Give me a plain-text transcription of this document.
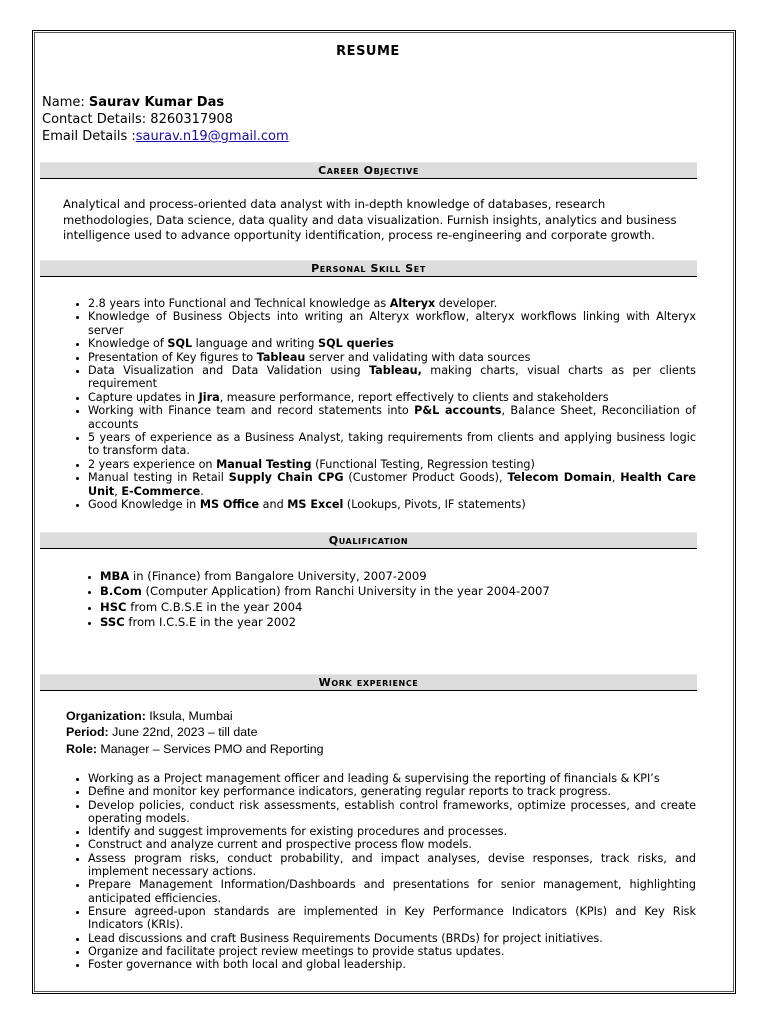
RESUME
Name: Saurav Kumar Das
Contact Details: 8260317908
Email Details :saurav.n19@gmail.com
Career Objective
Analytical and process-oriented data analyst with in-depth knowledge of databases, research methodologies, Data science, data quality and data visualization. Furnish insights, analytics and business intelligence used to advance opportunity identification, process re-engineering and corporate growth.
Personal Skill Set
• 2.8 years into Functional and Technical knowledge as Alteryx developer.
• Knowledge of Business Objects into writing an Alteryx workflow, alteryx workflows linking with Alteryx server
• Knowledge of SQL language and writing SQL queries
• Presentation of Key figures to Tableau server and validating with data sources
• Data Visualization and Data Validation using Tableau, making charts, visual charts as per clients requirement
• Capture updates in Jira, measure performance, report effectively to clients and stakeholders
• Working with Finance team and record statements into P&L accounts, Balance Sheet, Reconciliation of accounts
• 5 years of experience as a Business Analyst, taking requirements from clients and applying business logic to transform data.
• 2 years experience on Manual Testing (Functional Testing, Regression testing)
• Manual testing in Retail Supply Chain CPG (Customer Product Goods), Telecom Domain, Health Care Unit, E-Commerce.
• Good Knowledge in MS Office and MS Excel (Lookups, Pivots, IF statements)
Qualification
• MBA in (Finance) from Bangalore University, 2007-2009
• B.Com (Computer Application) from Ranchi University in the year 2004-2007
• HSC from C.B.S.E in the year 2004
• SSC from I.C.S.E in the year 2002
Work experience
Organization: Iksula, Mumbai
Period: June 22nd, 2023 – till date
Role: Manager – Services PMO and Reporting
• Working as a Project management officer and leading & supervising the reporting of financials & KPI’s
• Define and monitor key performance indicators, generating regular reports to track progress.
• Develop policies, conduct risk assessments, establish control frameworks, optimize processes, and create operating models.
• Identify and suggest improvements for existing procedures and processes.
• Construct and analyze current and prospective process flow models.
• Assess program risks, conduct probability, and impact analyses, devise responses, track risks, and implement necessary actions.
• Prepare Management Information/Dashboards and presentations for senior management, highlighting anticipated efficiencies.
• Ensure agreed-upon standards are implemented in Key Performance Indicators (KPIs) and Key Risk Indicators (KRIs).
• Lead discussions and craft Business Requirements Documents (BRDs) for project initiatives.
• Organize and facilitate project review meetings to provide status updates.
• Foster governance with both local and global leadership.
